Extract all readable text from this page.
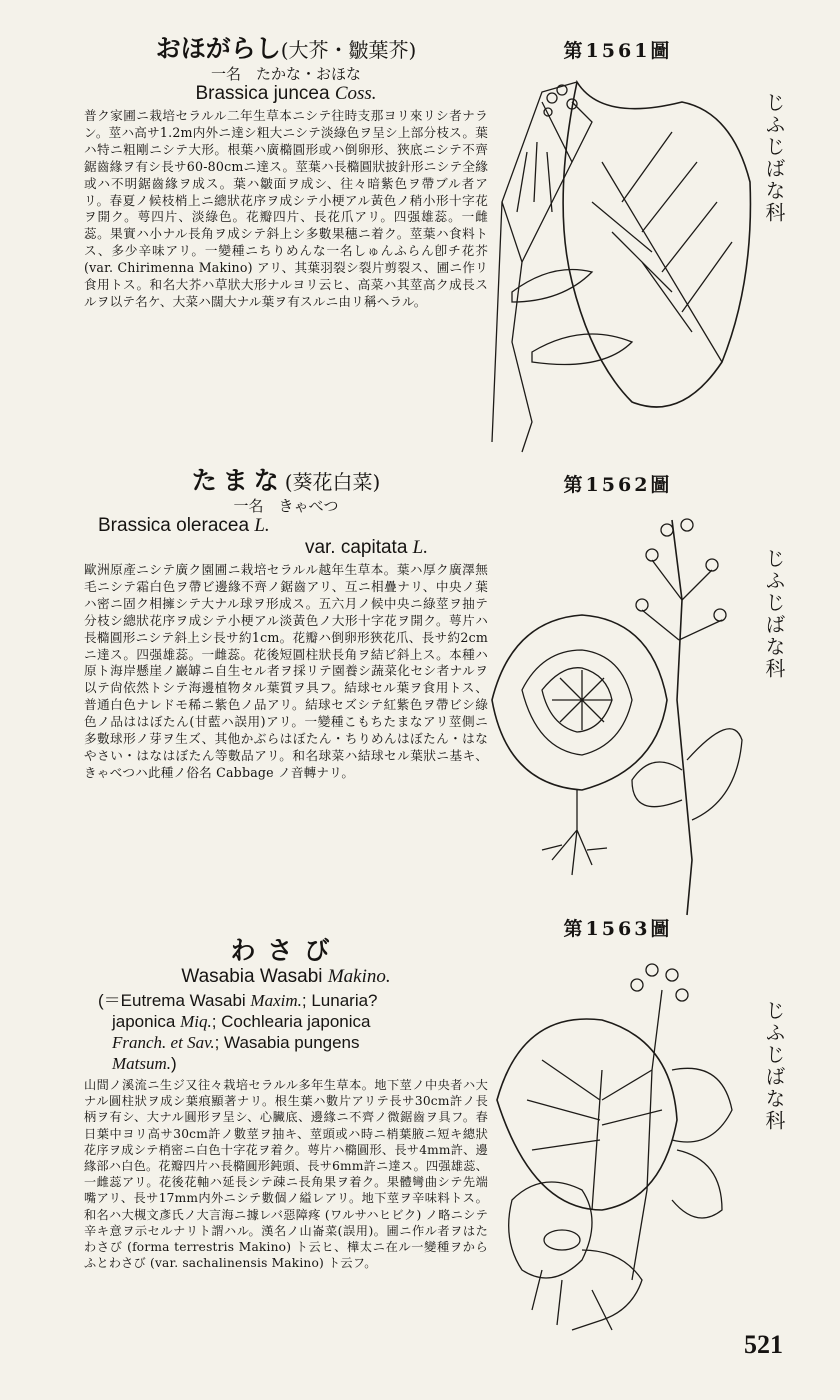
おほがらし(大芥・皺葉芥)
一名　たかな・おほな
Brassica juncea Coss.
普ク家圃ニ栽培セラルル二年生草本ニシテ往時支那ヨリ來リシ者ナラン。莖ハ高サ1.2m内外ニ達シ粗大ニシテ淡綠色ヲ呈シ上部分枝ス。葉ハ特ニ粗剛ニシテ大形。根葉ハ廣橢圓形或ハ倒卵形、狹底ニシテ不齊鋸齒緣ヲ有シ長サ60-80cmニ達ス。莖葉ハ長橢圓狀披針形ニシテ全緣或ハ不明鋸齒緣ヲ成ス。葉ハ皺面ヲ成シ、往々暗紫色ヲ帶ブル者アリ。春夏ノ候枝梢上ニ總狀花序ヲ成シテ小梗アル黃色ノ稍小形十字花ヲ開ク。萼四片、淡綠色。花瓣四片、長花爪アリ。四强雄蕊。一雌蕊。果實ハ小ナル長角ヲ成シテ斜上シ多數果穗ニ着ク。莖葉ハ食料トス、多少辛味アリ。一變種ニちりめんな一名しゅんふらん卽チ花芥 (var. Chirimenna Makino) アリ、其葉羽裂シ裂片剪裂ス、圃ニ作リ食用トス。和名大芥ハ草狀大形ナルヨリ云ヒ、高菜ハ其莖高ク成長スルヲ以テ名ケ、大菜ハ闊大ナル葉ヲ有スルニ由リ稱ヘラル。
たまな(葵花白菜)
一名　きゃべつ
Brassica oleracea L.
var. capitata L.
歐洲原產ニシテ廣ク園圃ニ栽培セラルル越年生草本。葉ハ厚ク廣澤無毛ニシテ霜白色ヲ帶ビ邊緣不齊ノ鋸齒アリ、互ニ相疊ナリ、中央ノ葉ハ密ニ固ク相擁シテ大ナル球ヲ形成ス。五六月ノ候中央ニ綠莖ヲ抽テ分枝シ總狀花序ヲ成シテ小梗アル淡黃色ノ大形十字花ヲ開ク。萼片ハ長橢圓形ニシテ斜上シ長サ約1cm。花瓣ハ倒卵形狹花爪、長サ約2cmニ達ス。四强雄蕊。一雌蕊。花後短圓柱狀長角ヲ結ビ斜上ス。本種ハ原ト海岸懸崖ノ巖罅ニ自生セル者ヲ採リテ園養シ蔬菜化セシ者ナルヲ以テ尙依然トシテ海邊植物タル葉質ヲ具フ。結球セル葉ヲ食用トス、普通白色ナレドモ稀ニ紫色ノ品アリ。結球セズシテ紅紫色ヲ帶ビシ綠色ノ品ははぼたん(甘藍ハ誤用)アリ。一變種こもちたまなアリ莖側ニ多數球形ノ芽ヲ生ズ、其他かぶらはぼたん・ちりめんはぼたん・はなやさい・はなはぼたん等數品アリ。和名球菜ハ結球セル葉狀ニ基キ、きゃべつハ此種ノ俗名 Cabbage ノ音轉ナリ。
わさび
Wasabia Wasabi Makino.
(＝Eutrema Wasabi Maxim.; Lunaria?
japonica Miq.; Cochlearia japonica
Franch. et Sav.; Wasabia pungens
Matsum.)
山間ノ溪流ニ生ジ又往々栽培セラルル多年生草本。地下莖ノ中央者ハ大ナル圓柱狀ヲ成シ葉痕顯著ナリ。根生葉ハ數片アリテ長サ30cm許ノ長柄ヲ有シ、大ナル圓形ヲ呈シ、心臟底、邊緣ニ不齊ノ微鋸齒ヲ具フ。春日葉中ヨリ高サ30cm許ノ數莖ヲ抽キ、莖頭或ハ時ニ梢葉腋ニ短キ總狀花序ヲ成シテ梢密ニ白色十字花ヲ着ク。萼片ハ橢圓形、長サ4mm許、邊緣部ハ白色。花瓣四片ハ長橢圓形鈍頭、長サ6mm許ニ達ス。四强雄蕊、一雌蕊アリ。花後花軸ハ延長シテ疎ニ長角果ヲ着ク。果體彎曲シテ先端嘴アリ、長サ17mm内外ニシテ數個ノ縊レアリ。地下莖ヲ辛味料トス。和名ハ大槻文彥氏ノ大言海ニ據レバ惡障疼 (ワルサハヒビク) ノ略ニシテ辛キ意ヲ示セルナリト謂ハル。漢名ノ山崙菜(誤用)。圃ニ作ル者ヲはたわさび (forma terrestris Makino) ト云ヒ、樺太ニ在ル一變種ヲからふとわさび (var. sachalinensis Makino) ト云フ。
第1561圖
第1562圖
第1563圖
じふじばな科
じふじばな科
じふじばな科
521
